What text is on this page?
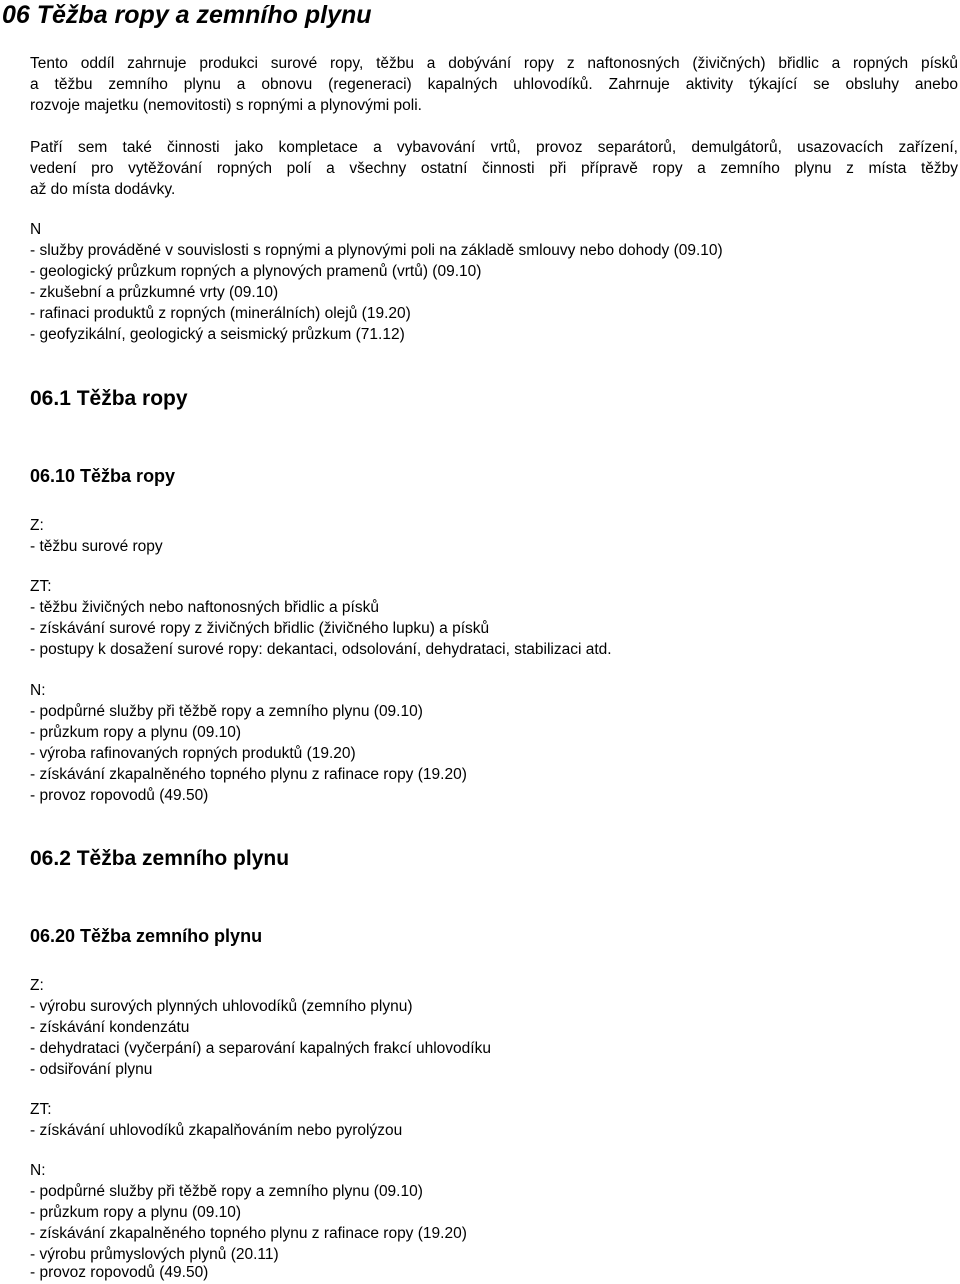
06 Těžba ropy a zemního plynu
Tento oddíl zahrnuje produkci surové ropy, těžbu a dobývání ropy z naftonosných (živičných) břidlic a ropných písků
a těžbu zemního plynu a obnovu (regeneraci) kapalných uhlovodíků. Zahrnuje aktivity týkající se obsluhy anebo
rozvoje majetku (nemovitosti) s ropnými a plynovými poli.
Patří sem také činnosti jako kompletace a vybavování vrtů, provoz separátorů, demulgátorů, usazovacích zařízení,
vedení pro vytěžování ropných polí a všechny ostatní činnosti při přípravě ropy a zemního plynu z místa těžby
až do místa dodávky.
N
- služby prováděné v souvislosti s ropnými a plynovými poli na základě smlouvy nebo dohody (09.10)
- geologický průzkum ropných a plynových pramenů (vrtů) (09.10)
- zkušební a průzkumné vrty (09.10)
- rafinaci produktů z ropných (minerálních) olejů (19.20)
- geofyzikální, geologický a seismický průzkum (71.12)
06.1 Těžba ropy
06.10 Těžba ropy
Z:
- těžbu surové ropy
ZT:
- těžbu živičných nebo naftonosných břidlic a písků
- získávání surové ropy z živičných břidlic (živičného lupku) a písků
- postupy k dosažení surové ropy: dekantaci, odsolování, dehydrataci, stabilizaci atd.
N:
- podpůrné služby při těžbě ropy a zemního plynu (09.10)
- průzkum ropy a plynu (09.10)
- výroba rafinovaných ropných produktů (19.20)
- získávání zkapalněného topného plynu z rafinace ropy (19.20)
- provoz ropovodů (49.50)
06.2 Těžba zemního plynu
06.20 Těžba zemního plynu
Z:
- výrobu surových plynných uhlovodíků (zemního plynu)
- získávání kondenzátu
- dehydrataci (vyčerpání) a separování kapalných frakcí uhlovodíku
- odsiřování plynu
ZT:
- získávání uhlovodíků zkapalňováním nebo pyrolýzou
N:
- podpůrné služby při těžbě ropy a zemního plynu (09.10)
- průzkum ropy a plynu (09.10)
- získávání zkapalněného topného plynu z rafinace ropy (19.20)
- výrobu průmyslových plynů (20.11)
- provoz ropovodů (49.50)
